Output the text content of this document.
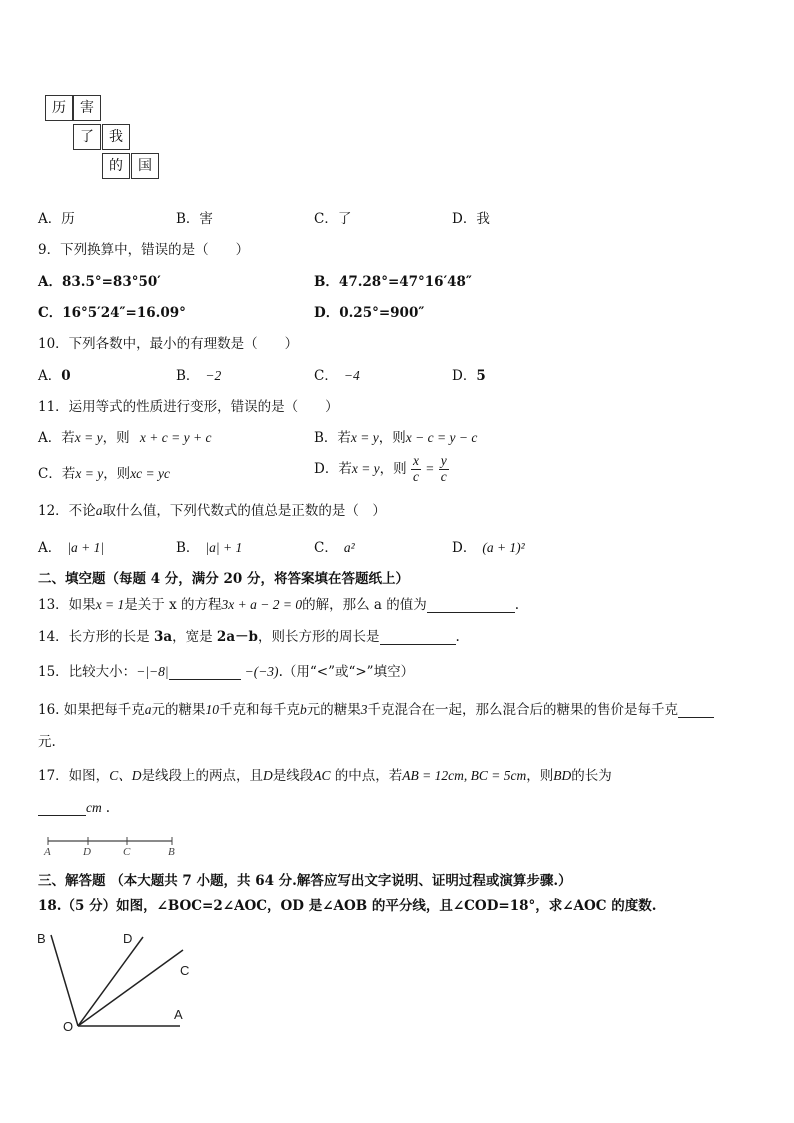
历	害
了	我
的	国
A．历	B．害	C．了	D．我
9．下列换算中，错误的是（　　）
A．83.5°=83°50′	B．47.28°=47°16′48″
C．16°5′24″=16.09°	D．0.25°=900″
10．下列各数中，最小的有理数是（　　）
A．0	B． −2	C． −4	D．5
11．运用等式的性质进行变形，错误的是（　　）
A．若x = y，则 x + c = y + c	B．若x = y，则x − c = y − c
C．若x = y，则xc = yc	D．若x = y，则 $\frac{x}{c} = \frac{y}{c}$
12．不论a取什么值，下列代数式的值总是正数的是（　）
A． |a + 1|	B． |a| + 1	C． a²	D． (a + 1)²
二、填空题（每题 4 分，满分 20 分，将答案填在答题纸上）
13．如果x = 1是关于 x 的方程3x + a − 2 = 0的解，那么 a 的值为	.
14．长方形的长是 3a，宽是 2a－b，则长方形的周长是	.
15．比较大小：−|−8|	−(−3).（用“<”或“>”填空）
16. 如果把每千克a元的糖果10千克和每千克b元的糖果3千克混合在一起，那么混合后的糖果的售价是每千克
元.
17．如图，C、D是线段上的两点，且D是线段AC 的中点，若AB = 12cm, BC = 5cm，则BD的长为
cm .
A	D	C	B
三、解答题 （本大题共 7 小题，共 64 分.解答应写出文字说明、证明过程或演算步骤.）
18.（5 分）如图，∠BOC=2∠AOC，OD 是∠AOB 的平分线，且∠COD=18°，求∠AOC 的度数.
B	D
C
O
A
